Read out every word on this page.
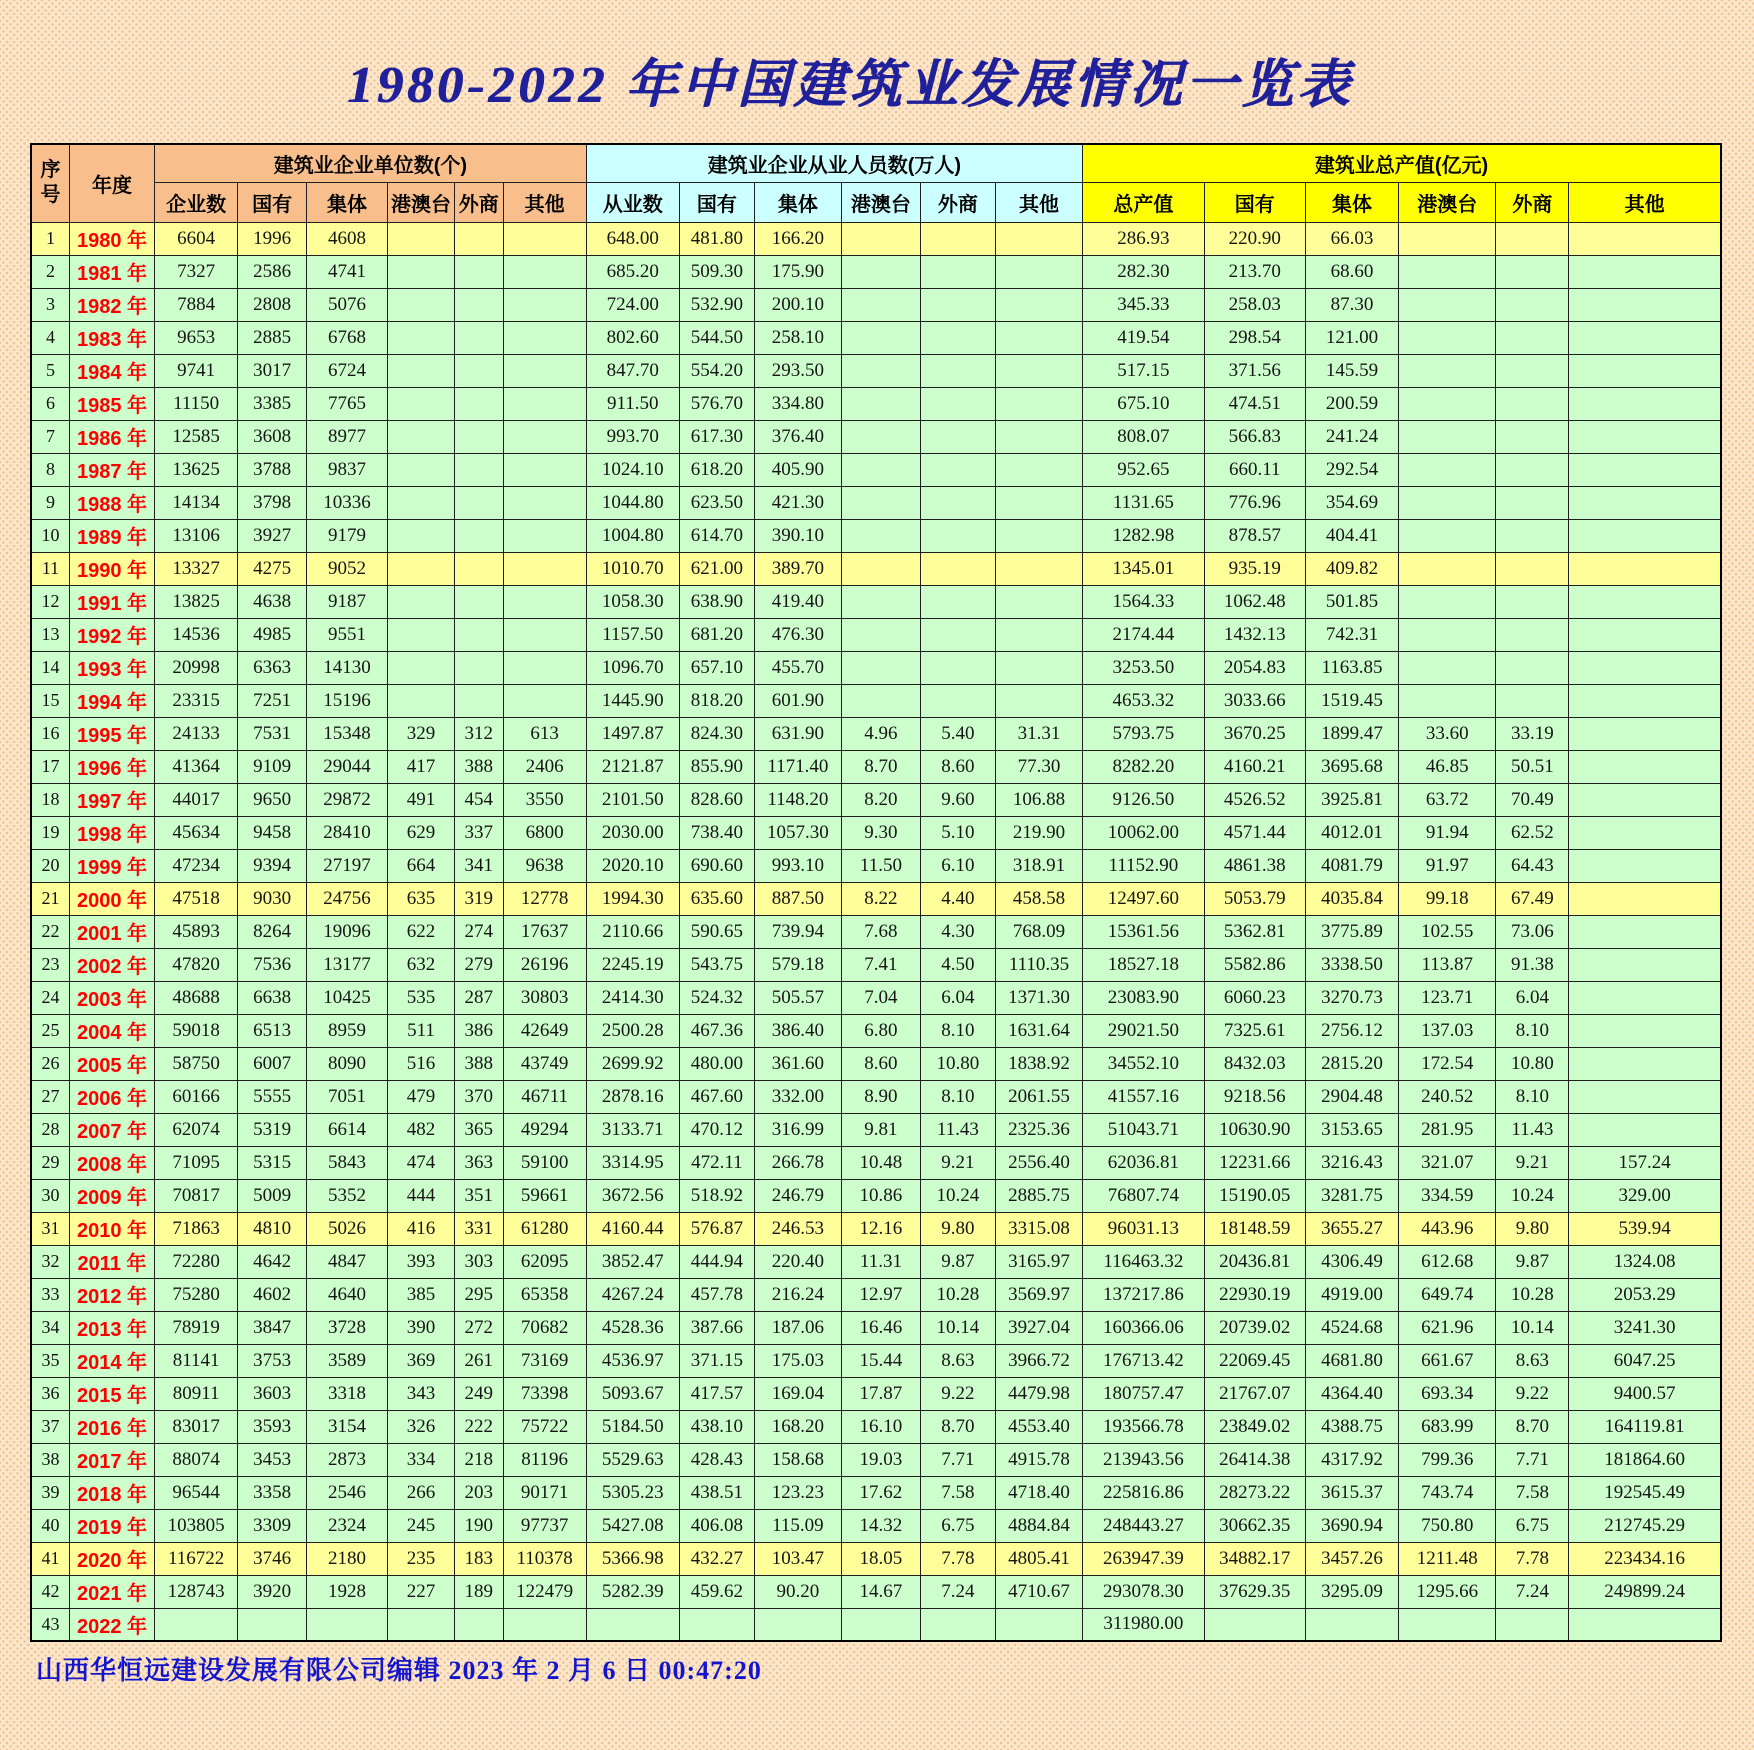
1980-2022 年中国建筑业发展情况一览表
序号	年度	建筑业企业单位数(个)						建筑业企业从业人员数(万人)						建筑业总产值(亿元)					
		企业数	国有	集体	港澳台	外商	其他	从业数	国有	集体	港澳台	外商	其他	总产值	国有	集体	港澳台	外商	其他
1	1980 年	6604	1996	4608				648.00	481.80	166.20				286.93	220.90	66.03			
2	1981 年	7327	2586	4741				685.20	509.30	175.90				282.30	213.70	68.60			
3	1982 年	7884	2808	5076				724.00	532.90	200.10				345.33	258.03	87.30			
4	1983 年	9653	2885	6768				802.60	544.50	258.10				419.54	298.54	121.00			
5	1984 年	9741	3017	6724				847.70	554.20	293.50				517.15	371.56	145.59			
6	1985 年	11150	3385	7765				911.50	576.70	334.80				675.10	474.51	200.59			
7	1986 年	12585	3608	8977				993.70	617.30	376.40				808.07	566.83	241.24			
8	1987 年	13625	3788	9837				1024.10	618.20	405.90				952.65	660.11	292.54			
9	1988 年	14134	3798	10336				1044.80	623.50	421.30				1131.65	776.96	354.69			
10	1989 年	13106	3927	9179				1004.80	614.70	390.10				1282.98	878.57	404.41			
11	1990 年	13327	4275	9052				1010.70	621.00	389.70				1345.01	935.19	409.82			
12	1991 年	13825	4638	9187				1058.30	638.90	419.40				1564.33	1062.48	501.85			
13	1992 年	14536	4985	9551				1157.50	681.20	476.30				2174.44	1432.13	742.31			
14	1993 年	20998	6363	14130				1096.70	657.10	455.70				3253.50	2054.83	1163.85			
15	1994 年	23315	7251	15196				1445.90	818.20	601.90				4653.32	3033.66	1519.45			
16	1995 年	24133	7531	15348	329	312	613	1497.87	824.30	631.90	4.96	5.40	31.31	5793.75	3670.25	1899.47	33.60	33.19	
17	1996 年	41364	9109	29044	417	388	2406	2121.87	855.90	1171.40	8.70	8.60	77.30	8282.20	4160.21	3695.68	46.85	50.51	
18	1997 年	44017	9650	29872	491	454	3550	2101.50	828.60	1148.20	8.20	9.60	106.88	9126.50	4526.52	3925.81	63.72	70.49	
19	1998 年	45634	9458	28410	629	337	6800	2030.00	738.40	1057.30	9.30	5.10	219.90	10062.00	4571.44	4012.01	91.94	62.52	
20	1999 年	47234	9394	27197	664	341	9638	2020.10	690.60	993.10	11.50	6.10	318.91	11152.90	4861.38	4081.79	91.97	64.43	
21	2000 年	47518	9030	24756	635	319	12778	1994.30	635.60	887.50	8.22	4.40	458.58	12497.60	5053.79	4035.84	99.18	67.49	
22	2001 年	45893	8264	19096	622	274	17637	2110.66	590.65	739.94	7.68	4.30	768.09	15361.56	5362.81	3775.89	102.55	73.06	
23	2002 年	47820	7536	13177	632	279	26196	2245.19	543.75	579.18	7.41	4.50	1110.35	18527.18	5582.86	3338.50	113.87	91.38	
24	2003 年	48688	6638	10425	535	287	30803	2414.30	524.32	505.57	7.04	6.04	1371.30	23083.90	6060.23	3270.73	123.71	6.04	
25	2004 年	59018	6513	8959	511	386	42649	2500.28	467.36	386.40	6.80	8.10	1631.64	29021.50	7325.61	2756.12	137.03	8.10	
26	2005 年	58750	6007	8090	516	388	43749	2699.92	480.00	361.60	8.60	10.80	1838.92	34552.10	8432.03	2815.20	172.54	10.80	
27	2006 年	60166	5555	7051	479	370	46711	2878.16	467.60	332.00	8.90	8.10	2061.55	41557.16	9218.56	2904.48	240.52	8.10	
28	2007 年	62074	5319	6614	482	365	49294	3133.71	470.12	316.99	9.81	11.43	2325.36	51043.71	10630.90	3153.65	281.95	11.43	
29	2008 年	71095	5315	5843	474	363	59100	3314.95	472.11	266.78	10.48	9.21	2556.40	62036.81	12231.66	3216.43	321.07	9.21	157.24
30	2009 年	70817	5009	5352	444	351	59661	3672.56	518.92	246.79	10.86	10.24	2885.75	76807.74	15190.05	3281.75	334.59	10.24	329.00
31	2010 年	71863	4810	5026	416	331	61280	4160.44	576.87	246.53	12.16	9.80	3315.08	96031.13	18148.59	3655.27	443.96	9.80	539.94
32	2011 年	72280	4642	4847	393	303	62095	3852.47	444.94	220.40	11.31	9.87	3165.97	116463.32	20436.81	4306.49	612.68	9.87	1324.08
33	2012 年	75280	4602	4640	385	295	65358	4267.24	457.78	216.24	12.97	10.28	3569.97	137217.86	22930.19	4919.00	649.74	10.28	2053.29
34	2013 年	78919	3847	3728	390	272	70682	4528.36	387.66	187.06	16.46	10.14	3927.04	160366.06	20739.02	4524.68	621.96	10.14	3241.30
35	2014 年	81141	3753	3589	369	261	73169	4536.97	371.15	175.03	15.44	8.63	3966.72	176713.42	22069.45	4681.80	661.67	8.63	6047.25
36	2015 年	80911	3603	3318	343	249	73398	5093.67	417.57	169.04	17.87	9.22	4479.98	180757.47	21767.07	4364.40	693.34	9.22	9400.57
37	2016 年	83017	3593	3154	326	222	75722	5184.50	438.10	168.20	16.10	8.70	4553.40	193566.78	23849.02	4388.75	683.99	8.70	164119.81
38	2017 年	88074	3453	2873	334	218	81196	5529.63	428.43	158.68	19.03	7.71	4915.78	213943.56	26414.38	4317.92	799.36	7.71	181864.60
39	2018 年	96544	3358	2546	266	203	90171	5305.23	438.51	123.23	17.62	7.58	4718.40	225816.86	28273.22	3615.37	743.74	7.58	192545.49
40	2019 年	103805	3309	2324	245	190	97737	5427.08	406.08	115.09	14.32	6.75	4884.84	248443.27	30662.35	3690.94	750.80	6.75	212745.29
41	2020 年	116722	3746	2180	235	183	110378	5366.98	432.27	103.47	18.05	7.78	4805.41	263947.39	34882.17	3457.26	1211.48	7.78	223434.16
42	2021 年	128743	3920	1928	227	189	122479	5282.39	459.62	90.20	14.67	7.24	4710.67	293078.30	37629.35	3295.09	1295.66	7.24	249899.24
43	2022 年													311980.00					
山西华恒远建设发展有限公司编辑 2023 年 2 月 6 日 00:47:20
